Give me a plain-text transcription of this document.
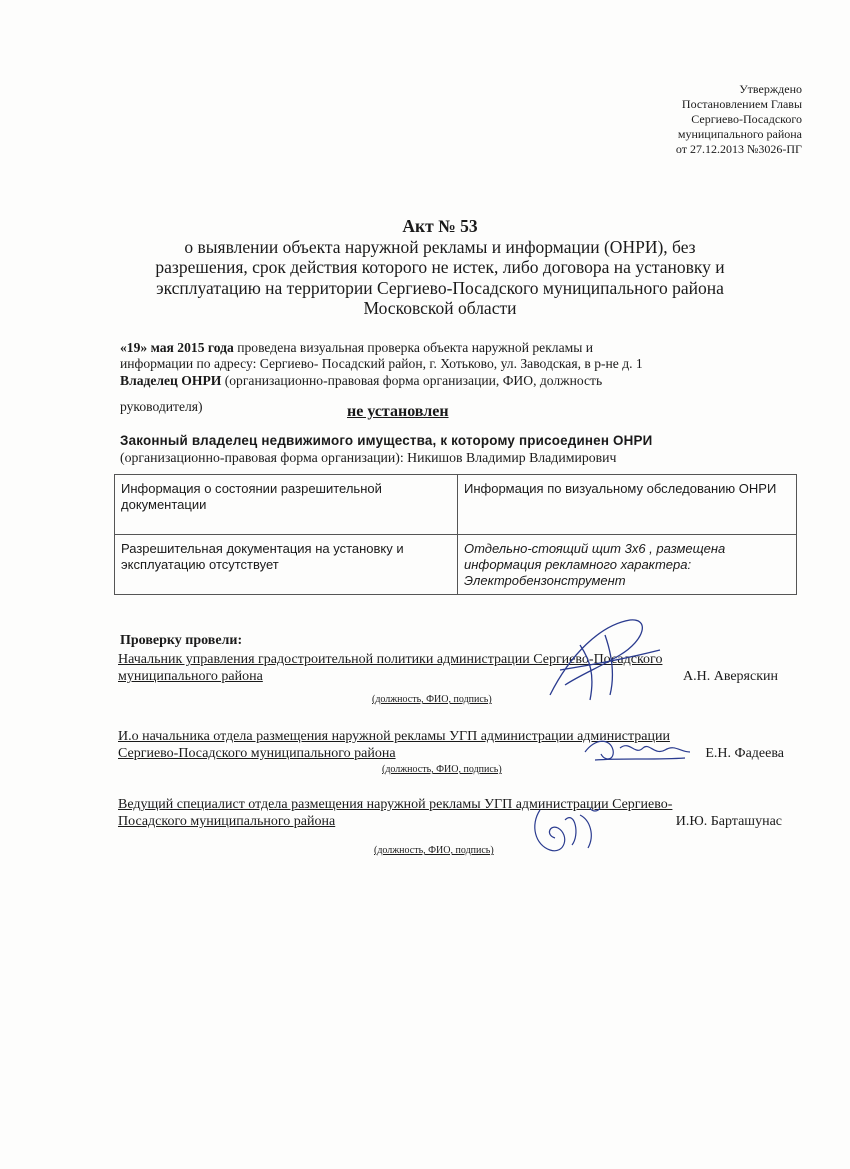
Утверждено
Постановлением Главы
Сергиево-Посадского
муниципального района
от 27.12.2013 №3026-ПГ
Акт № 53
о выявлении объекта наружной рекламы и информации (ОНРИ), без
разрешения, срок действия которого не истек, либо договора на установку и
эксплуатацию на территории Сергиево-Посадского муниципального района
Московской области
«19» мая 2015 года проведена визуальная проверка объекта наружной рекламы и
информации по адресу: Сергиево- Посадский район, г. Хотьково, ул. Заводская, в р-не д. 1
Владелец ОНРИ (организационно-правовая форма организации, ФИО, должность
руководителя)	не установлен
Законный владелец недвижимого имущества, к которому присоединен ОНРИ
(организационно-правовая форма организации): Никишов Владимир Владимирович
Информация о состоянии разрешительной документации	Информация по визуальному обследованию ОНРИ
Разрешительная документация на установку и эксплуатацию отсутствует	Отдельно-стоящий щит 3х6 , размещена информация рекламного характера: Электробензонструмент
Проверку провели:
Начальник управления градостроительной политики администрации Сергиево-Посадского
муниципального района	А.Н. Аверяскин
(должность, ФИО, подпись)
И.о начальника отдела размещения наружной рекламы УГП администрации администрации
Сергиево-Посадского муниципального района	Е.Н. Фадеева
(должность, ФИО, подпись)
Ведущий специалист отдела размещения наружной рекламы УГП администрации Сергиево-
Посадского муниципального района	И.Ю. Барташунас
(должность, ФИО, подпись)
